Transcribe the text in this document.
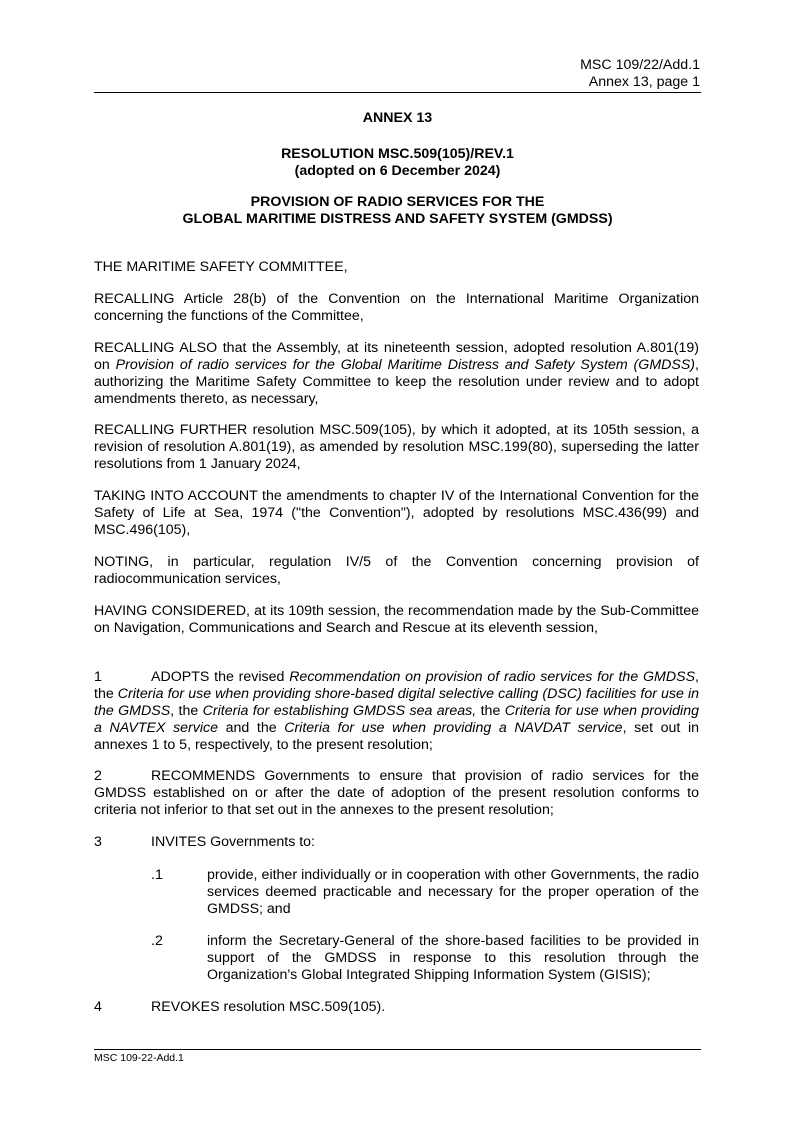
MSC 109/22/Add.1
Annex 13, page 1
ANNEX 13
RESOLUTION MSC.509(105)/REV.1
(adopted on 6 December 2024)
PROVISION OF RADIO SERVICES FOR THE
GLOBAL MARITIME DISTRESS AND SAFETY SYSTEM (GMDSS)
THE MARITIME SAFETY COMMITTEE,
RECALLING Article 28(b) of the Convention on the International Maritime Organization concerning the functions of the Committee,
RECALLING ALSO that the Assembly, at its nineteenth session, adopted resolution A.801(19) on Provision of radio services for the Global Maritime Distress and Safety System (GMDSS), authorizing the Maritime Safety Committee to keep the resolution under review and to adopt amendments thereto, as necessary,
RECALLING FURTHER resolution MSC.509(105), by which it adopted, at its 105th session, a revision of resolution A.801(19), as amended by resolution MSC.199(80), superseding the latter resolutions from 1 January 2024,
TAKING INTO ACCOUNT the amendments to chapter IV of the International Convention for the Safety of Life at Sea, 1974 ("the Convention"), adopted by resolutions MSC.436(99) and MSC.496(105),
NOTING, in particular, regulation IV/5 of the Convention concerning provision of radiocommunication services,
HAVING CONSIDERED, at its 109th session, the recommendation made by the Sub-Committee on Navigation, Communications and Search and Rescue at its eleventh session,
1	ADOPTS the revised Recommendation on provision of radio services for the GMDSS, the Criteria for use when providing shore-based digital selective calling (DSC) facilities for use in the GMDSS, the Criteria for establishing GMDSS sea areas, the Criteria for use when providing a NAVTEX service and the Criteria for use when providing a NAVDAT service, set out in annexes 1 to 5, respectively, to the present resolution;
2	RECOMMENDS Governments to ensure that provision of radio services for the GMDSS established on or after the date of adoption of the present resolution conforms to criteria not inferior to that set out in the annexes to the present resolution;
3	INVITES Governments to:
.1	provide, either individually or in cooperation with other Governments, the radio services deemed practicable and necessary for the proper operation of the GMDSS; and
.2	inform the Secretary-General of the shore-based facilities to be provided in support of the GMDSS in response to this resolution through the Organization's Global Integrated Shipping Information System (GISIS);
4	REVOKES resolution MSC.509(105).
MSC 109-22-Add.1
